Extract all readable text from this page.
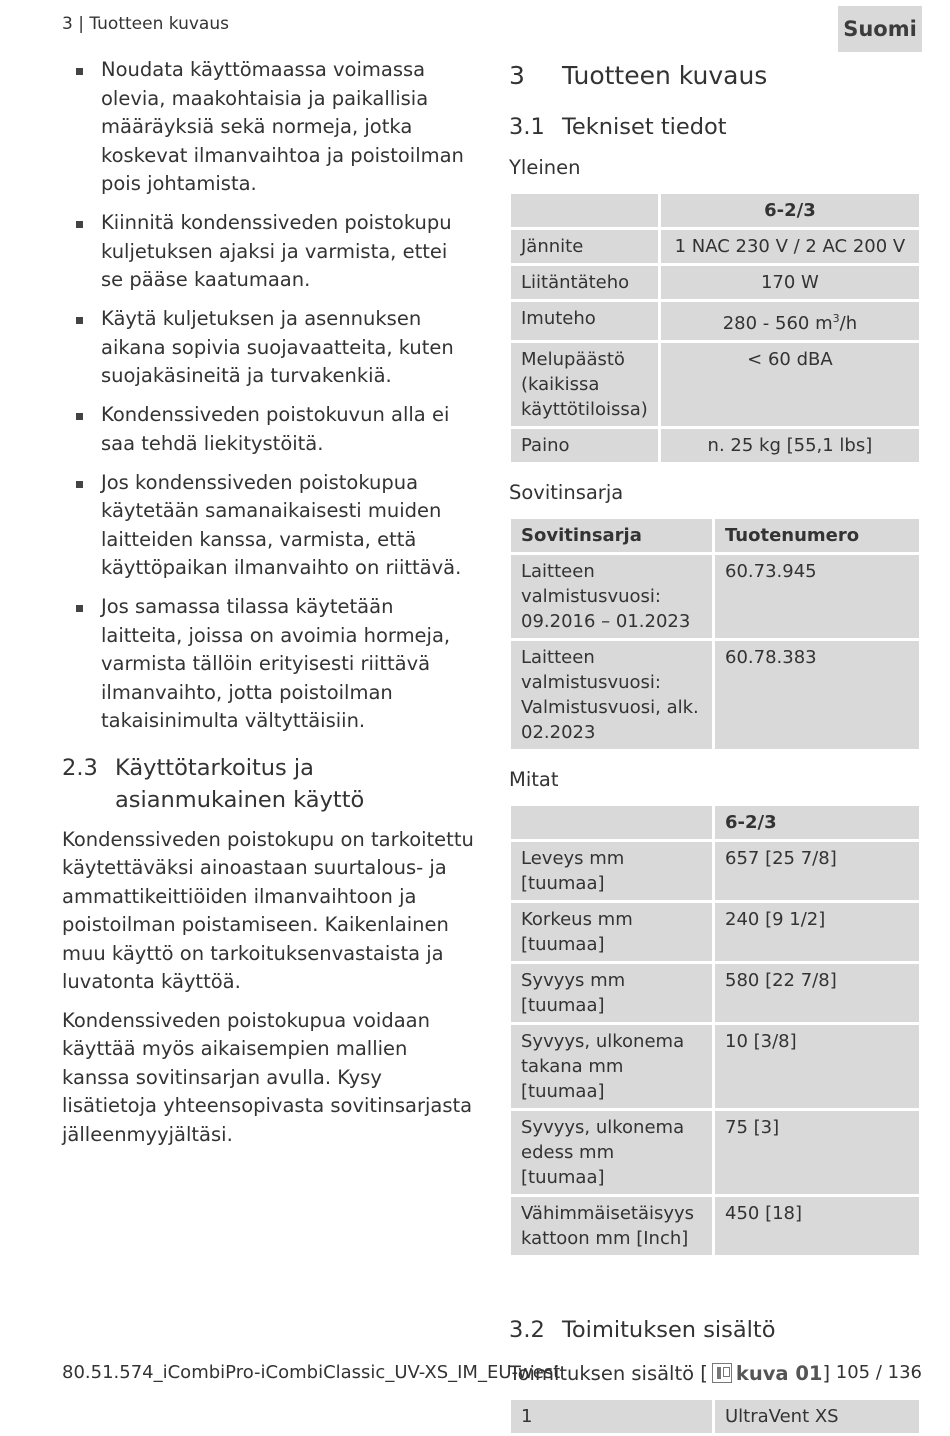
3 | Tuotteen kuvaus	Suomi
Noudata käyttömaassa voimassa olevia, maakohtaisia ja paikallisia määräyksiä sekä normeja, jotka koskevat ilmanvaihtoa ja poistoilman pois johtamista.
Kiinnitä kondenssiveden poistokupu kuljetuksen ajaksi ja varmista, ettei se pääse kaatumaan.
Käytä kuljetuksen ja asennuksen aikana sopivia suojavaatteita, kuten suojakäsineitä ja turvakenkiä.
Kondenssiveden poistokuvun alla ei saa tehdä liekitystöitä.
Jos kondenssiveden poistokupua käytetään samanaikaisesti muiden laitteiden kanssa, varmista, että käyttöpaikan ilmanvaihto on riittävä.
Jos samassa tilassa käytetään laitteita, joissa on avoimia hormeja, varmista tällöin erityisesti riittävä ilmanvaihto, jotta poistoilman takaisinimulta vältyttäisiin.
2.3 Käyttötarkoitus ja asianmukainen käyttö

Kondenssiveden poistokupu on tarkoitettu käytettäväksi ainoastaan suurtalous- ja ammattikeittiöiden ilmanvaihtoon ja poistoilman poistamiseen. Kaikenlainen muu käyttö on tarkoituksenvastaista ja luvatonta käyttöä.

Kondenssiveden poistokupua voidaan käyttää myös aikaisempien mallien kanssa sovitinsarjan avulla. Kysy lisätietoja yhteensopivasta sovitinsarjasta jälleenmyyjältäsi.

3	Tuotteen kuvaus
3.1 Tekniset tiedot
Yleinen
	6-2/3
Jännite	1 NAC 230 V / 2 AC 200 V
Liitäntäteho	170 W
Imuteho	280 - 560 $m^3/h$
Melupäästö (kaikissa käyttötiloissa)	< 60 dBA
Paino	n. 25 kg [55,1 lbs]
Sovitinsarja
Sovitinsarja	Tuotenumero
Laitteen valmistusvuosi: 09.2016 – 01.2023	60.73.945
Laitteen valmistusvuosi: Valmistusvuosi, alk. 02.2023	60.78.383
Mitat
	6-2/3
Leveys mm [tuumaa]	657 [25 7/8]
Korkeus mm [tuumaa]	240 [9 1/2]
Syvyys mm [tuumaa]	580 [22 7/8]
Syvyys, ulkonema takana mm [tuumaa]	10 [3/8]
Syvyys, ulkonema edess mm [tuumaa]	75 [3]
Vähimmäisetäisyys kattoon mm [Inch]	450 [18]
3.2 Toimituksen sisältö
Toimituksen sisältö [ kuva 01]
1	UltraVent XS
80.51.574_iCombiPro-iCombiClassic_UV-XS_IM_EU-west	105 / 136
